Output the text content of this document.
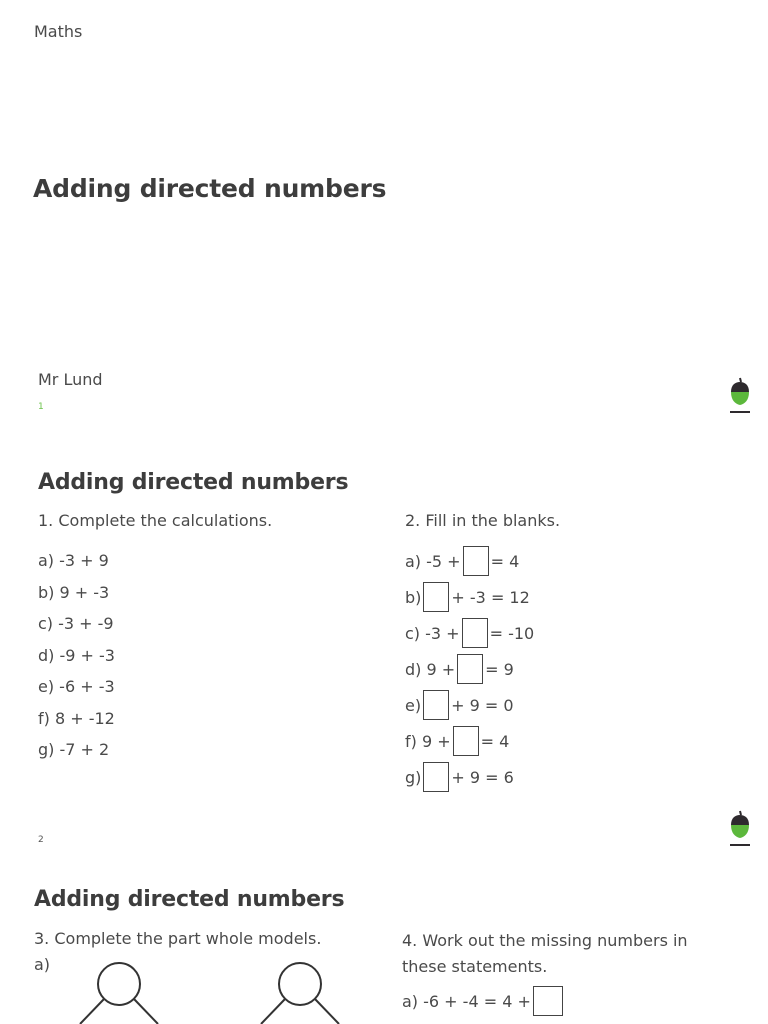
Maths
Adding directed numbers
Mr Lund
1
Adding directed numbers
1. Complete the calculations.
a) -3 + 9
b) 9 + -3
c) -3 + -9
d) -9 + -3
e) -6 + -3
f) 8 + -12
g) -7 + 2
2. Fill in the blanks.
a) -5 + = 4
b) + -3 = 12
c) -3 + = -10
d) 9 + = 9
e) + 9 = 0
f) 9 + = 4
g) + 9 = 6
2
Adding directed numbers
3. Complete the part whole models.
a)
4. Work out the missing numbers in these statements.
a) -6 + -4 = 4 +
